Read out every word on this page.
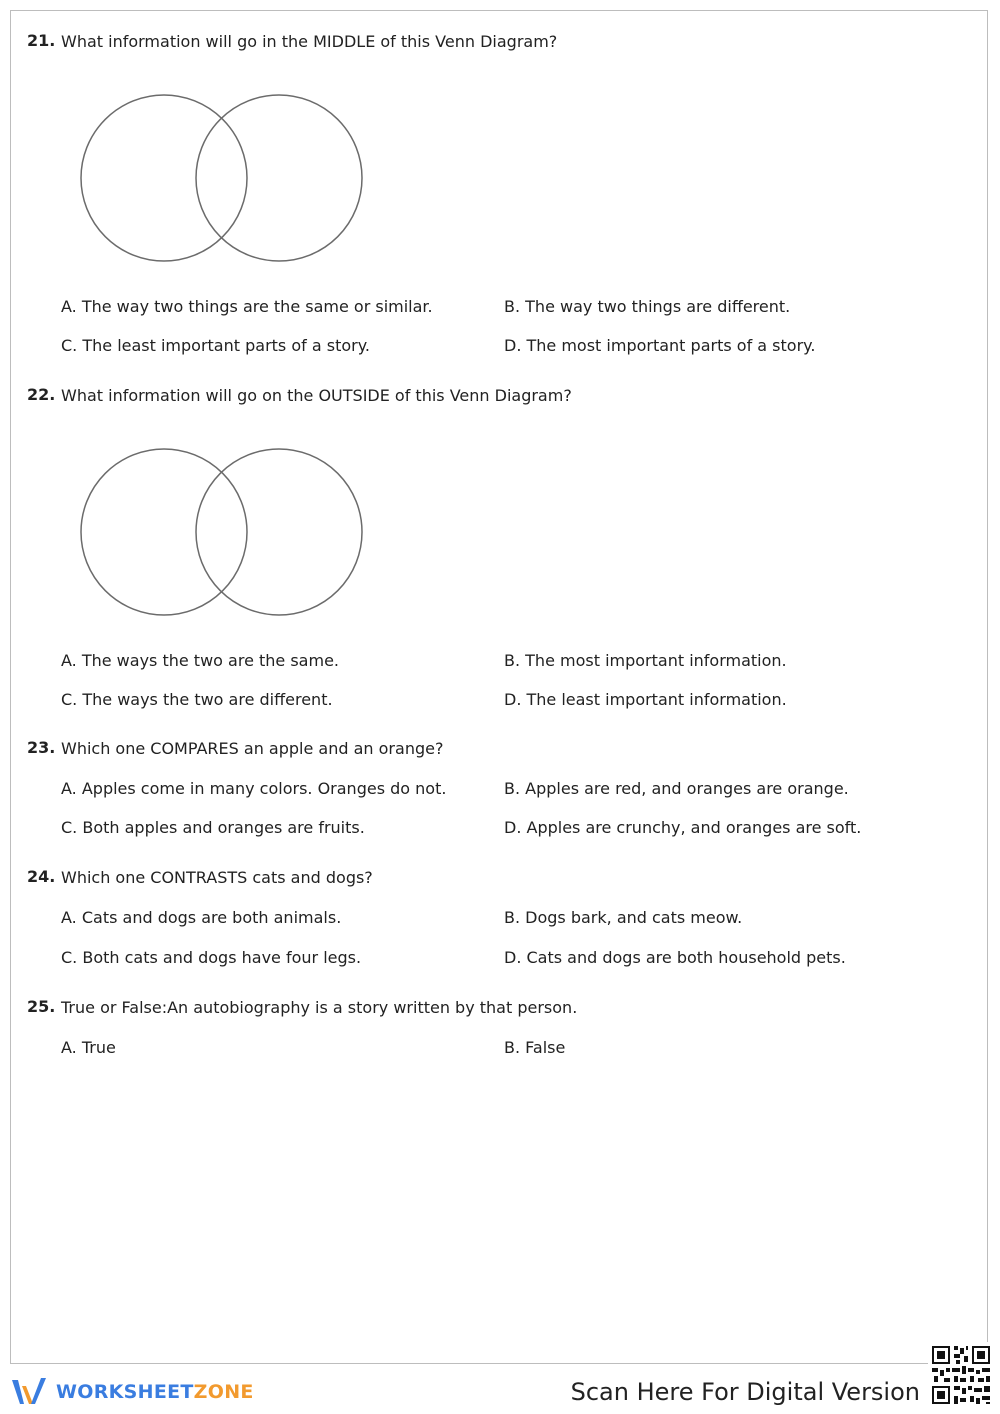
21. What information will go in the MIDDLE of this Venn Diagram?
A. The way two things are the same or similar.	B. The way two things are different.
C. The least important parts of a story.	D. The most important parts of a story.
22. What information will go on the OUTSIDE of this Venn Diagram?
A. The ways the two are the same.	B. The most important information.
C. The ways the two are different.	D. The least important information.
23. Which one COMPARES an apple and an orange?
A. Apples come in many colors. Oranges do not.	B. Apples are red, and oranges are orange.
C. Both apples and oranges are fruits.	D. Apples are crunchy, and oranges are soft.
24. Which one CONTRASTS cats and dogs?
A. Cats and dogs are both animals.	B. Dogs bark, and cats meow.
C. Both cats and dogs have four legs.	D. Cats and dogs are both household pets.
25. True or False:An autobiography is a story written by that person.
A. True	B. False
WORKSHEETZONE	Scan Here For Digital Version
